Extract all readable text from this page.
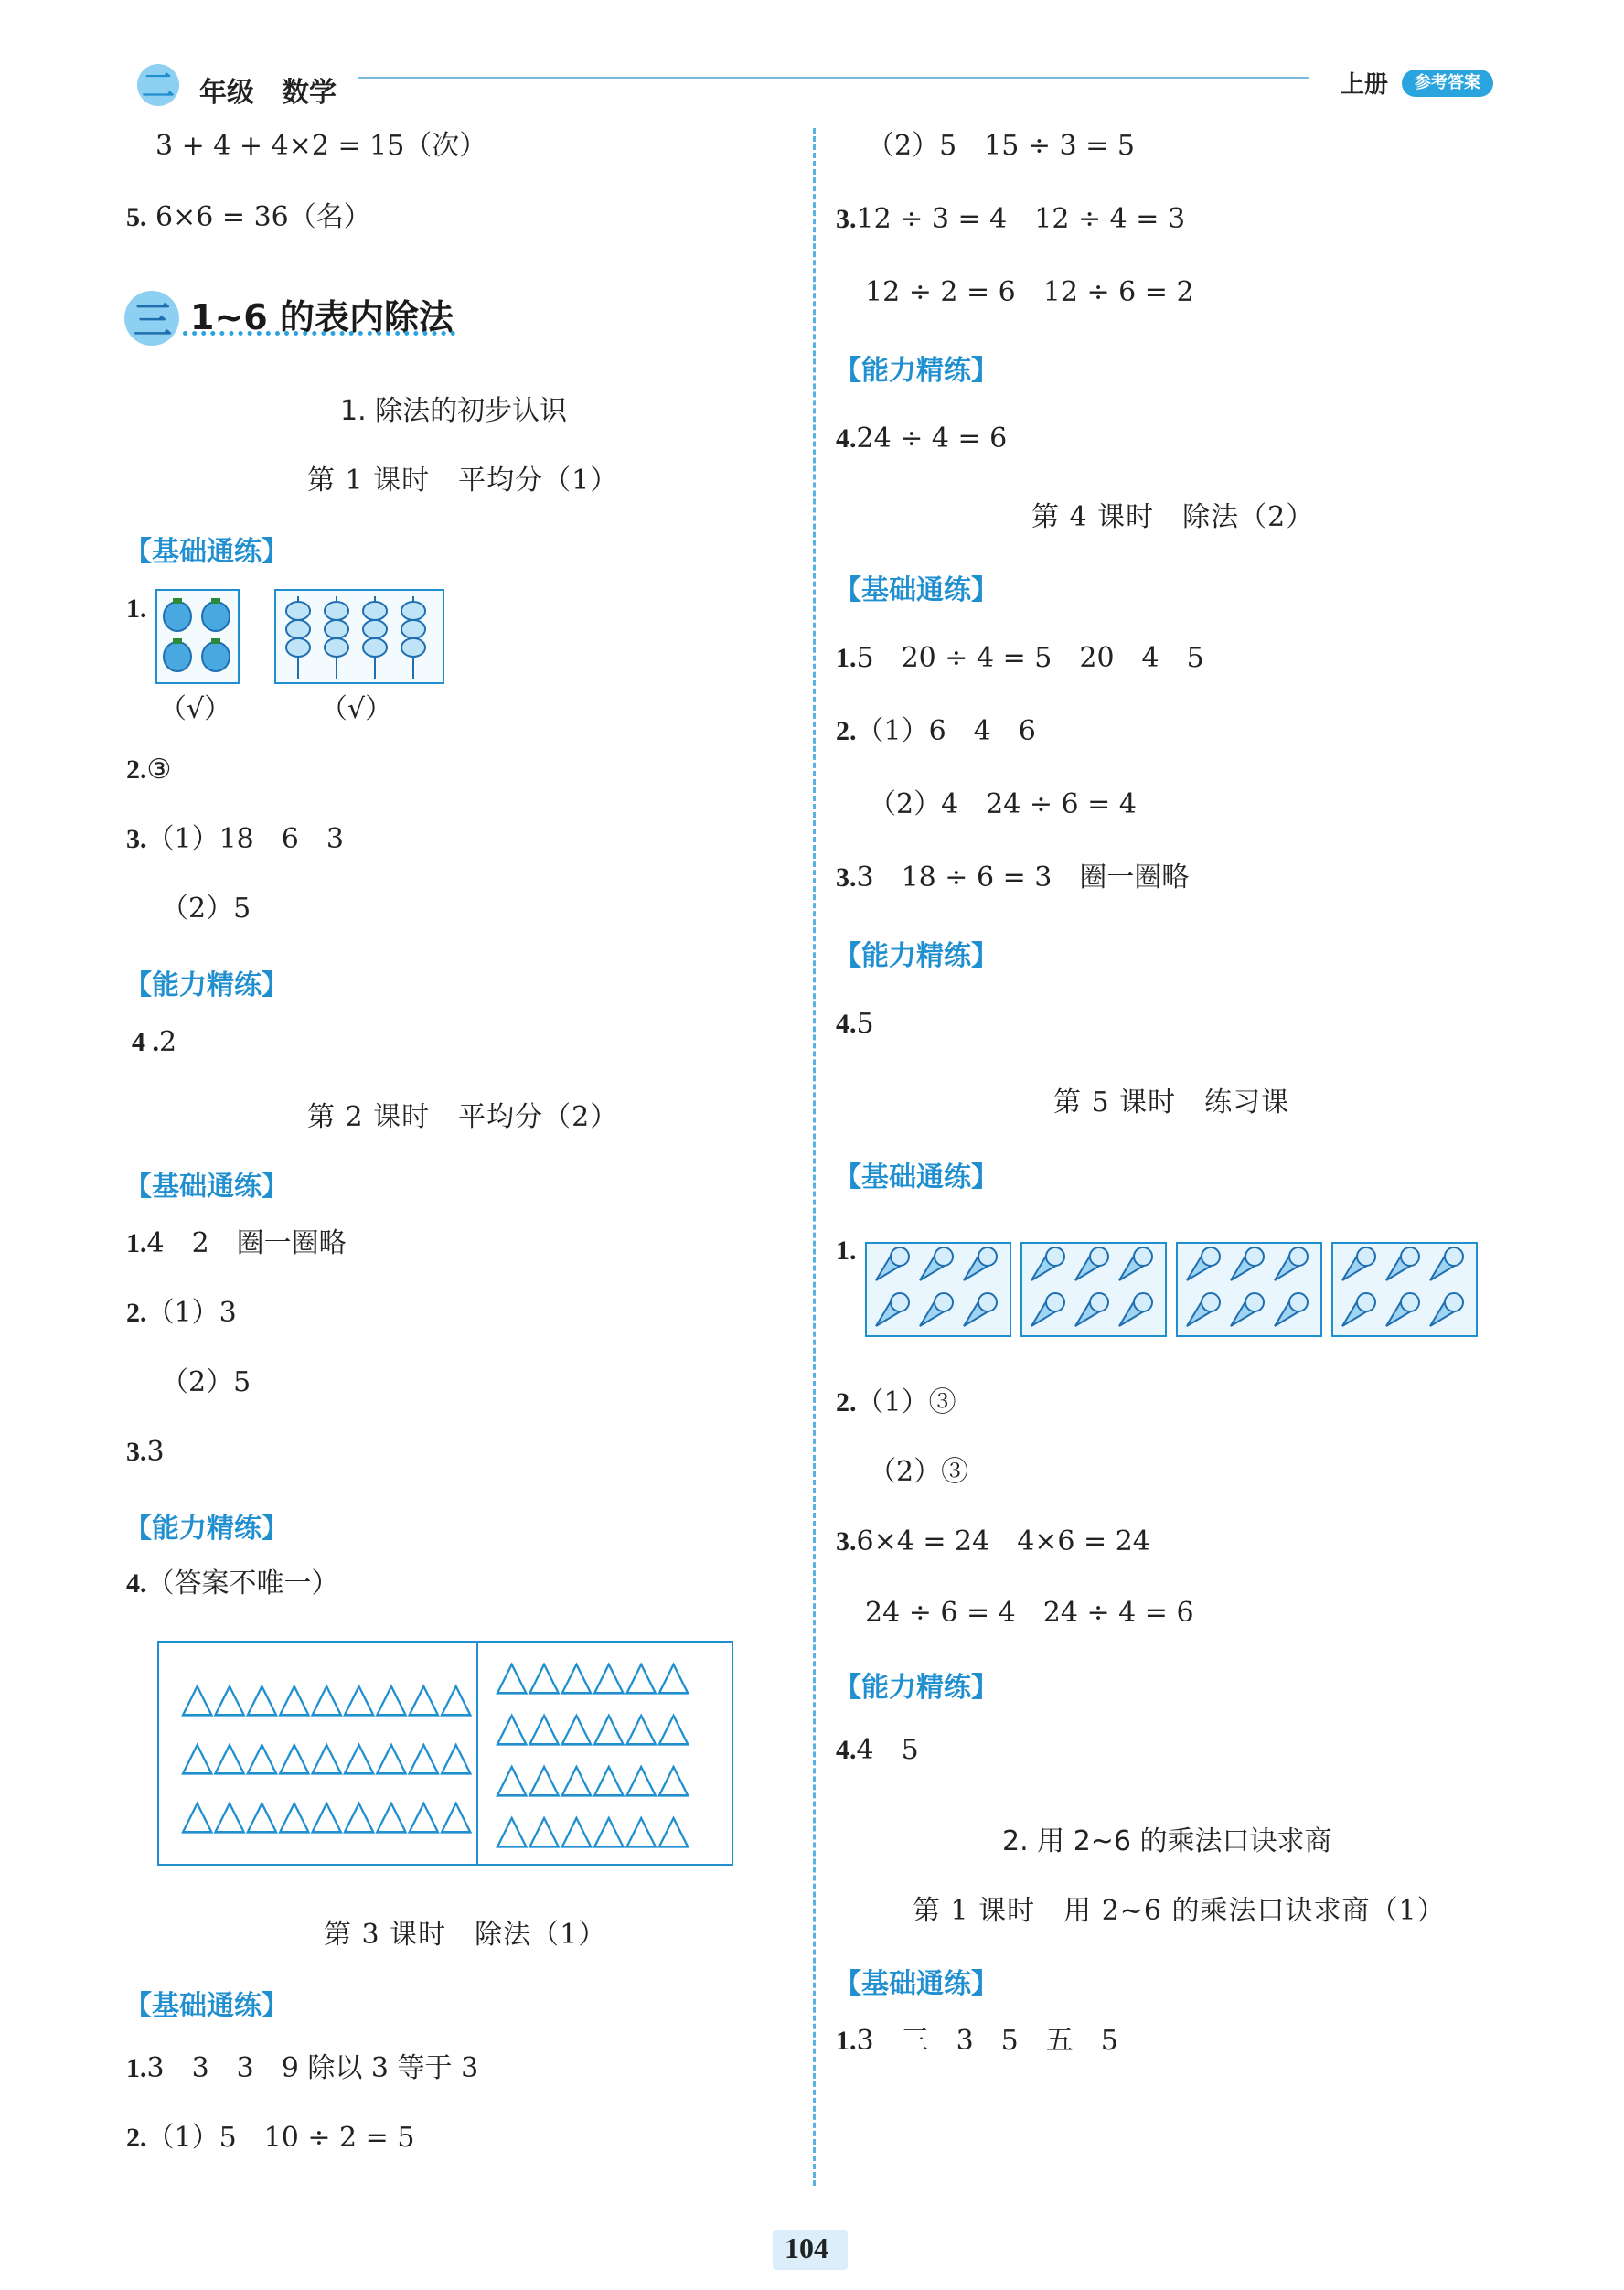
二 年级 数学	上册	参考答案
3 + 4 + 4×2 = 15（次）
5. 6×6 = 36（名）
三 1~6 的表内除法
1. 除法的初步认识
第 1 课时　平均分（1）
【基础通练】
1.
（√）	（√）
2.③
3.（1）18　6　3
（2）5
【能力精练】
4 .2
第 2 课时　平均分（2）
【基础通练】
1.4　2　圈一圈略
2.（1）3
（2）5
3.3
【能力精练】
4.（答案不唯一）
△△△△△△△△△
△△△△△△△△△
△△△△△△△△△
△△△△△△
△△△△△△
△△△△△△
△△△△△△
第 3 课时　除法（1）
【基础通练】
1.3　3　3　9 除以 3 等于 3
2.（1）5　10 ÷ 2 = 5
（2）5　15 ÷ 3 = 5
3.12 ÷ 3 = 4　12 ÷ 4 = 3
12 ÷ 2 = 6　12 ÷ 6 = 2
【能力精练】
4.24 ÷ 4 = 6
第 4 课时　除法（2）
【基础通练】
1.5　20 ÷ 4 = 5　20　4　5
2.（1）6　4　6
（2）4　24 ÷ 6 = 4
3.3　18 ÷ 6 = 3　圈一圈略
【能力精练】
4.5
第 5 课时　练习课
【基础通练】
1.
2.（1）③
（2）③
3.6×4 = 24　4×6 = 24
24 ÷ 6 = 4　24 ÷ 4 = 6
【能力精练】
4.4　5
2. 用 2~6 的乘法口诀求商
第 1 课时　用 2~6 的乘法口诀求商（1）
【基础通练】
1.3　三　3　5　五　5
104
